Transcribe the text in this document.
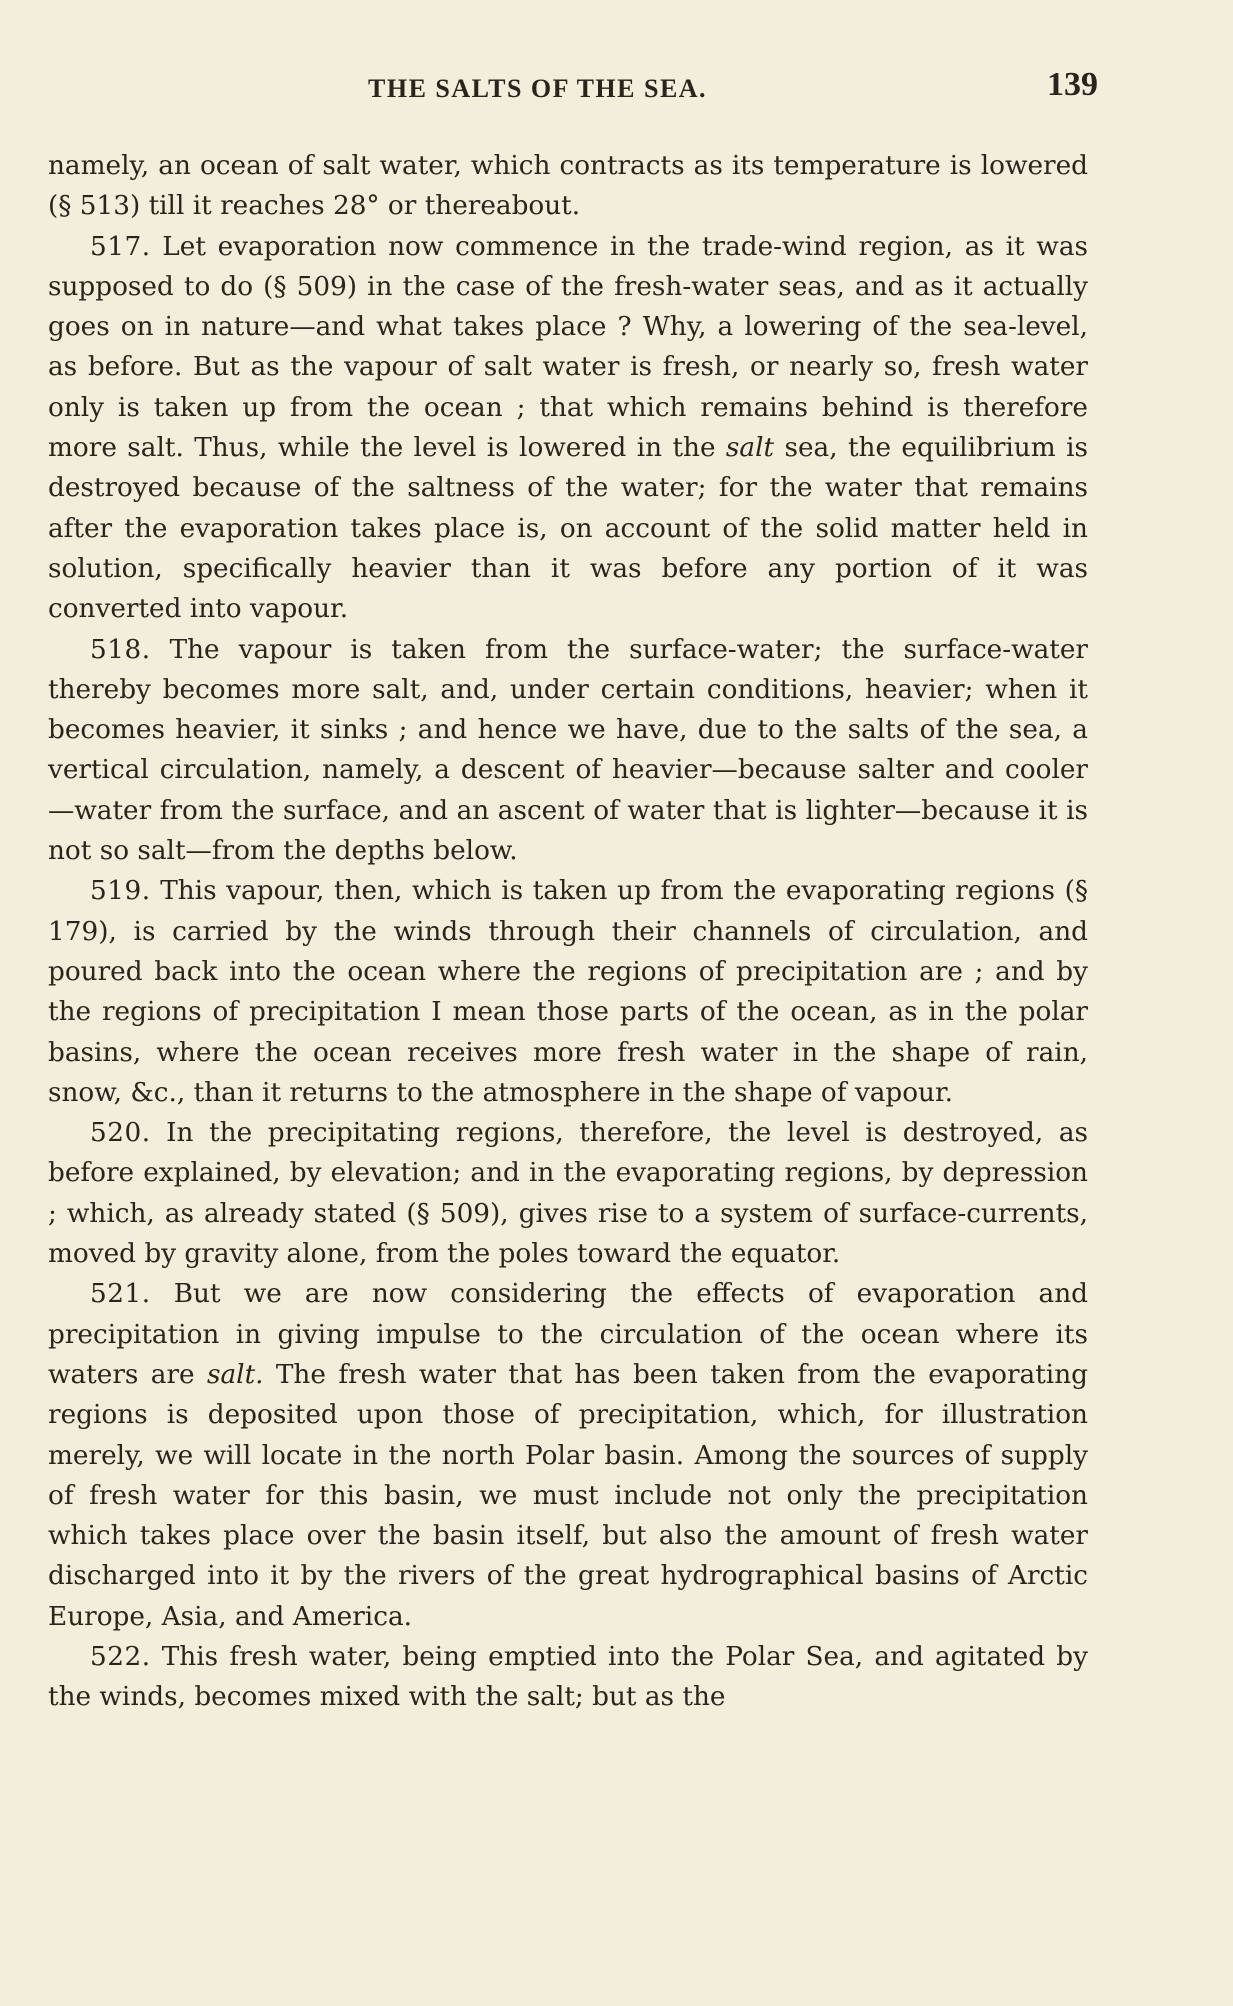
THE SALTS OF THE SEA.	139

namely, an ocean of salt water, which contracts as its temperature is lowered (§ 513) till it reaches 28° or thereabout.

517. Let evaporation now commence in the trade-wind region, as it was supposed to do (§ 509) in the case of the fresh-water seas, and as it actually goes on in nature—and what takes place ? Why, a lowering of the sea-level, as before. But as the vapour of salt water is fresh, or nearly so, fresh water only is taken up from the ocean ; that which remains behind is therefore more salt. Thus, while the level is lowered in the salt sea, the equilibrium is destroyed because of the saltness of the water; for the water that remains after the evaporation takes place is, on account of the solid matter held in solution, specifically heavier than it was before any portion of it was converted into vapour.

518. The vapour is taken from the surface-water; the surface-water thereby becomes more salt, and, under certain conditions, heavier; when it becomes heavier, it sinks ; and hence we have, due to the salts of the sea, a vertical circulation, namely, a descent of heavier—because salter and cooler—water from the surface, and an ascent of water that is lighter—because it is not so salt—from the depths below.

519. This vapour, then, which is taken up from the evaporating regions (§ 179), is carried by the winds through their channels of circulation, and poured back into the ocean where the regions of precipitation are ; and by the regions of precipitation I mean those parts of the ocean, as in the polar basins, where the ocean receives more fresh water in the shape of rain, snow, &c., than it returns to the atmosphere in the shape of vapour.

520. In the precipitating regions, therefore, the level is destroyed, as before explained, by elevation; and in the evaporating regions, by depression ; which, as already stated (§ 509), gives rise to a system of surface-currents, moved by gravity alone, from the poles toward the equator.

521. But we are now considering the effects of evaporation and precipitation in giving impulse to the circulation of the ocean where its waters are salt. The fresh water that has been taken from the evaporating regions is deposited upon those of precipitation, which, for illustration merely, we will locate in the north Polar basin. Among the sources of supply of fresh water for this basin, we must include not only the precipitation which takes place over the basin itself, but also the amount of fresh water discharged into it by the rivers of the great hydrographical basins of Arctic Europe, Asia, and America.

522. This fresh water, being emptied into the Polar Sea, and agitated by the winds, becomes mixed with the salt; but as the
